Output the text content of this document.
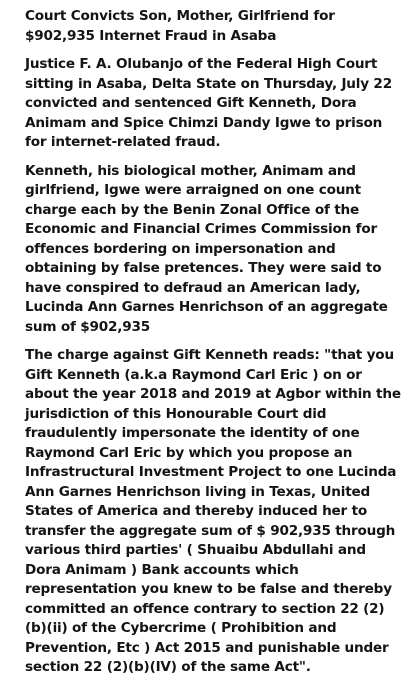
Court Convicts Son, Mother, Girlfriend for $902,935 Internet Fraud in Asaba

Justice F. A. Olubanjo of the Federal High Court sitting in Asaba, Delta State on Thursday, July 22 convicted and sentenced Gift Kenneth, Dora Animam and Spice Chimzi Dandy Igwe to prison for internet-related fraud.

Kenneth, his biological mother, Animam and girlfriend, Igwe were arraigned on one count charge each by the Benin Zonal Office of the Economic and Financial Crimes Commission for offences bordering on impersonation and obtaining by false pretences. They were said to have conspired to defraud an American lady, Lucinda Ann Garnes Henrichson of an aggregate sum of $902,935

The charge against Gift Kenneth reads: "that you Gift Kenneth (a.k.a Raymond Carl Eric ) on or about the year 2018 and 2019 at Agbor within the jurisdiction of this Honourable Court did fraudulently impersonate the identity of one Raymond Carl Eric by which you propose an Infrastructural Investment Project to one Lucinda Ann Garnes Henrichson living in Texas, United States of America and thereby induced her to transfer the aggregate sum of $ 902,935 through various third parties' ( Shuaibu Abdullahi and Dora Animam ) Bank accounts which representation you knew to be false and thereby committed an offence contrary to section 22 (2)(b)(ii) of the Cybercrime ( Prohibition and Prevention, Etc ) Act 2015 and punishable under section 22 (2)(b)(IV) of the same Act".
